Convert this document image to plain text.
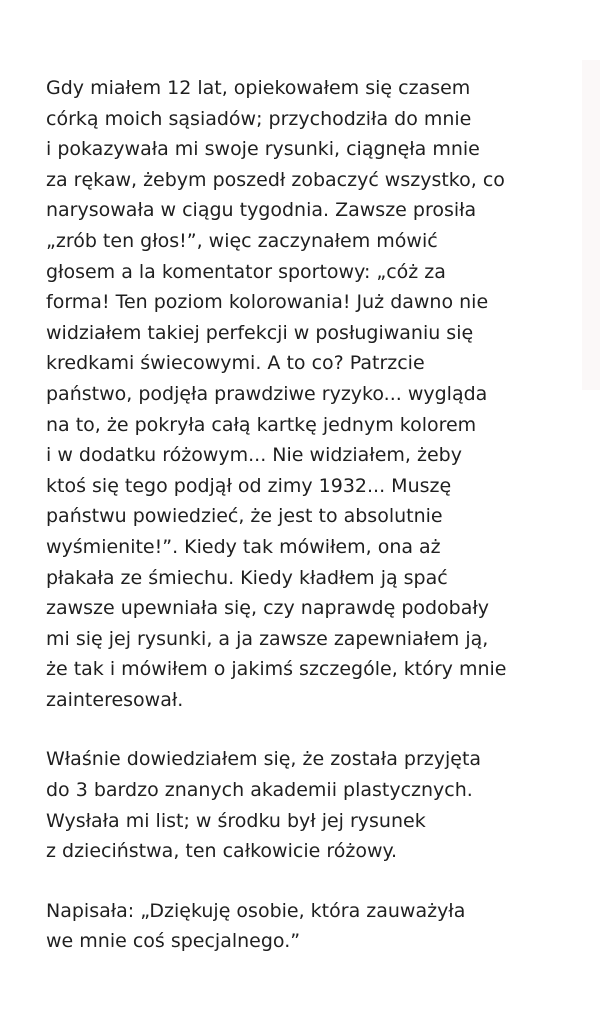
Gdy miałem 12 lat, opiekowałem się czasem
córką moich sąsiadów; przychodziła do mnie
i pokazywała mi swoje rysunki, ciągnęła mnie
za rękaw, żebym poszedł zobaczyć wszystko, co
narysowała w ciągu tygodnia. Zawsze prosiła
„zrób ten głos!”, więc zaczynałem mówić
głosem a la komentator sportowy: „cóż za
forma! Ten poziom kolorowania! Już dawno nie
widziałem takiej perfekcji w posługiwaniu się
kredkami świecowymi. A to co? Patrzcie
państwo, podjęła prawdziwe ryzyko... wygląda
na to, że pokryła całą kartkę jednym kolorem
i w dodatku różowym... Nie widziałem, żeby
ktoś się tego podjął od zimy 1932... Muszę
państwu powiedzieć, że jest to absolutnie
wyśmienite!”. Kiedy tak mówiłem, ona aż
płakała ze śmiechu. Kiedy kładłem ją spać
zawsze upewniała się, czy naprawdę podobały
mi się jej rysunki, a ja zawsze zapewniałem ją,
że tak i mówiłem o jakimś szczególe, który mnie
zainteresował.
Właśnie dowiedziałem się, że została przyjęta
do 3 bardzo znanych akademii plastycznych.
Wysłała mi list; w środku był jej rysunek
z dzieciństwa, ten całkowicie różowy.
Napisała: „Dziękuję osobie, która zauważyła
we mnie coś specjalnego.”
